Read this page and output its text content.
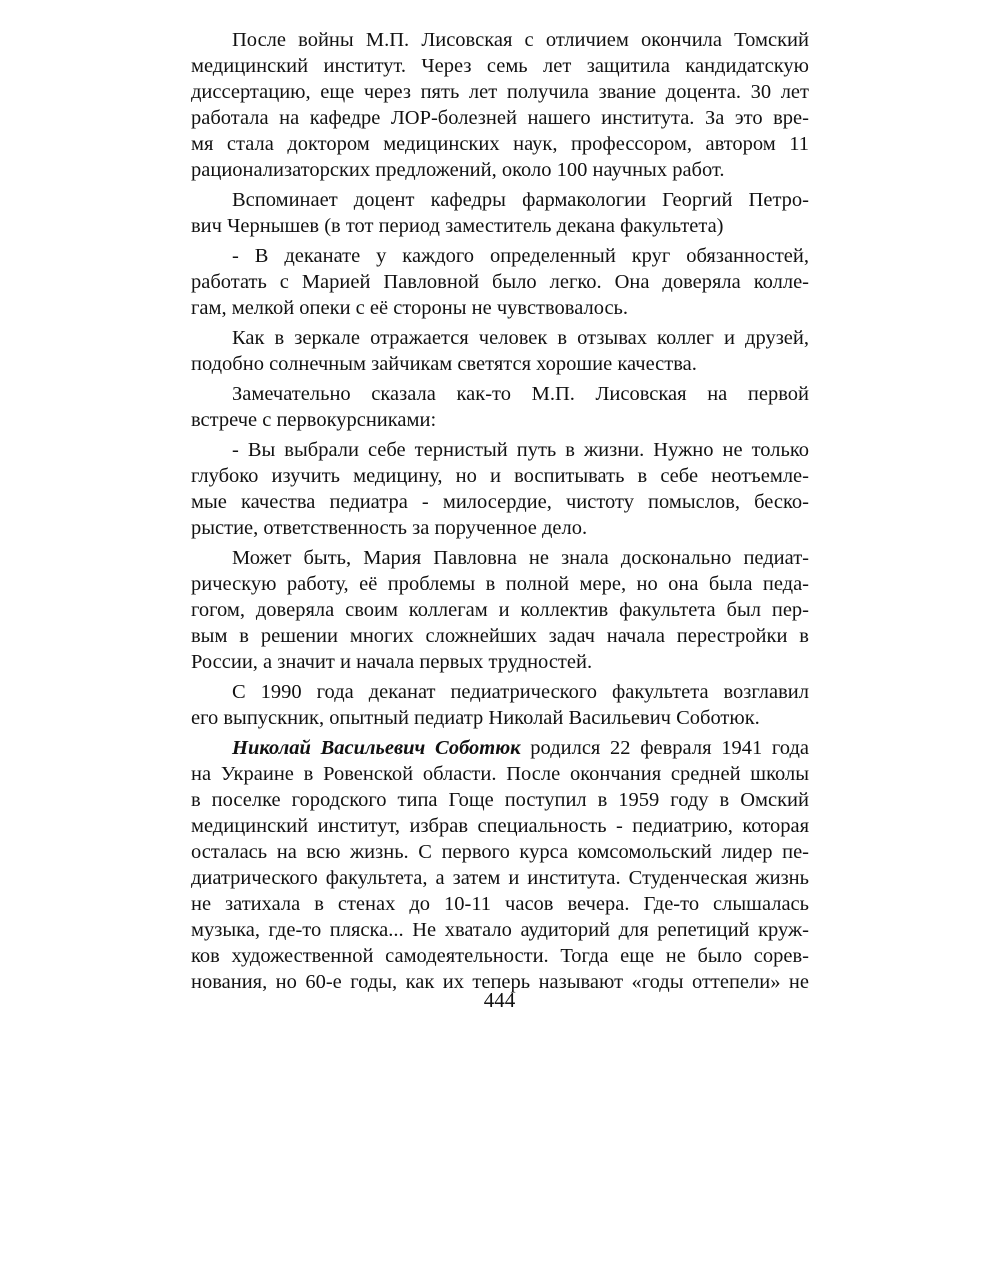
После войны М.П. Лисовская с отличием окончила Томский
медицинский институт. Через семь лет защитила кандидатскую
диссертацию, еще через пять лет получила звание доцента. 30 лет
работала на кафедре ЛОР-болезней нашего института. За это вре-
мя стала доктором медицинских наук, профессором, автором 11
рационализаторских предложений, около 100 научных работ.

Вспоминает доцент кафедры фармакологии Георгий Петро-
вич Чернышев (в тот период заместитель декана факультета)

- В деканате у каждого определенный круг обязанностей,
работать с Марией Павловной было легко. Она доверяла колле-
гам, мелкой опеки с её стороны не чувствовалось.

Как в зеркале отражается человек в отзывах коллег и друзей,
подобно солнечным зайчикам светятся хорошие качества.

Замечательно сказала как-то М.П. Лисовская на первой
встрече с первокурсниками:

- Вы выбрали себе тернистый путь в жизни. Нужно не только
глубоко изучить медицину, но и воспитывать в себе неотъемле-
мые качества педиатра - милосердие, чистоту помыслов, беско-
рыстие, ответственность за порученное дело.

Может быть, Мария Павловна не знала досконально педиат-
рическую работу, её проблемы в полной мере, но она была педа-
гогом, доверяла своим коллегам и коллектив факультета был пер-
вым в решении многих сложнейших задач начала перестройки в
России, а значит и начала первых трудностей.

С 1990 года деканат педиатрического факультета возглавил
его выпускник, опытный педиатр Николай Васильевич Соботюк.

Николай Васильевич Соботюк родился 22 февраля 1941 года
на Украине в Ровенской области. После окончания средней школы
в поселке городского типа Гоще поступил в 1959 году в Омский
медицинский институт, избрав специальность - педиатрию, которая
осталась на всю жизнь. С первого курса комсомольский лидер пе-
диатрического факультета, а затем и института. Студенческая жизнь
не затихала в стенах до 10-11 часов вечера. Где-то слышалась
музыка, где-то пляска... Не хватало аудиторий для репетиций круж-
ков художественной самодеятельности. Тогда еще не было сорев-
нования, но 60-е годы, как их теперь называют «годы оттепели» не

444
